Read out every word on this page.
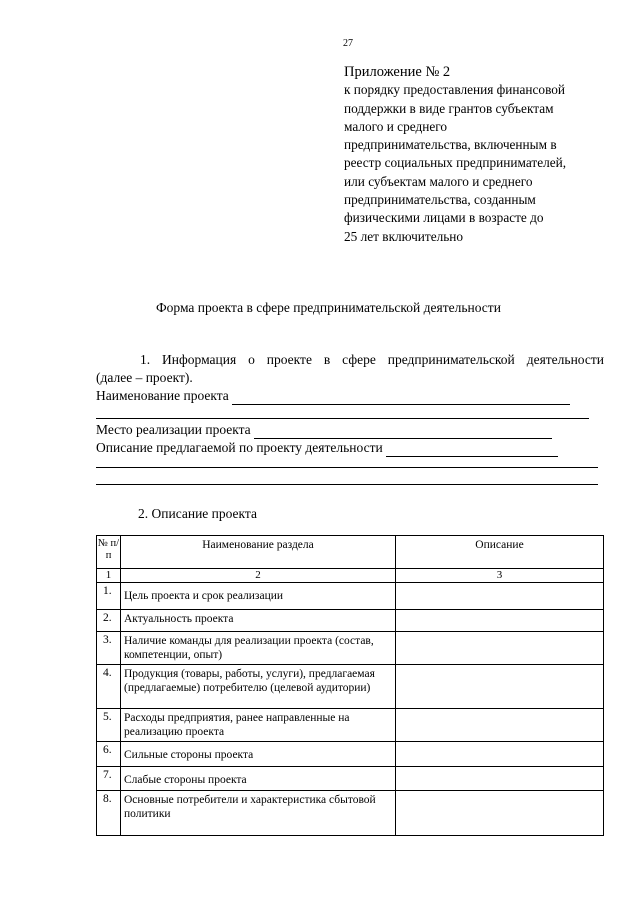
27
Приложение № 2
к порядку предоставления финансовой
поддержки в виде грантов субъектам
малого и среднего
предпринимательства, включенным в
реестр социальных предпринимателей,
или субъектам малого и среднего
предпринимательства, созданным
физическими лицами в возрасте до
25 лет включительно
Форма проекта в сфере предпринимательской деятельности
1. Информация о проекте в сфере предпринимательской деятельности
(далее – проект).
Наименование проекта
Место реализации проекта
Описание предлагаемой по проекту деятельности
2. Описание проекта
№ п/п	Наименование раздела	Описание
1	2	3
1.	Цель проекта и срок реализации	
2.	Актуальность проекта	
3.	Наличие команды для реализации проекта (состав, компетенции, опыт)	
4.	Продукция (товары, работы, услуги), предлагаемая (предлагаемые) потребителю (целевой аудитории)	
5.	Расходы предприятия, ранее направленные на реализацию проекта	
6.	Сильные стороны проекта	
7.	Слабые стороны проекта	
8.	Основные потребители и характеристика сбытовой политики	
